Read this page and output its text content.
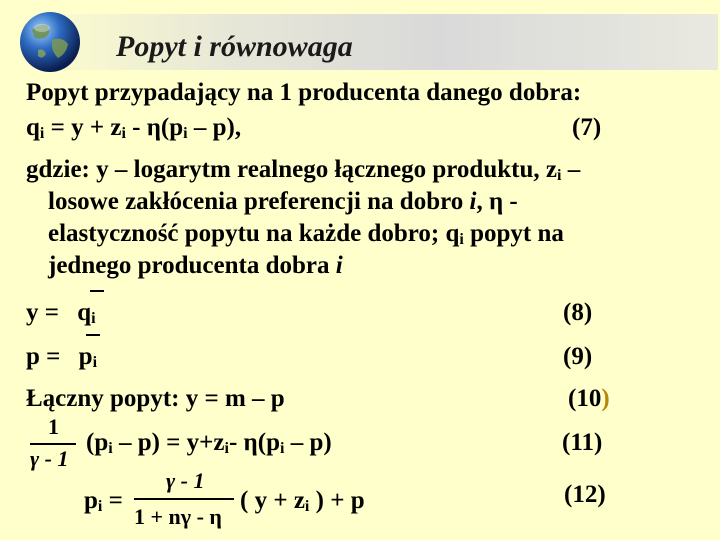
Popyt i równowaga
Popyt przypadający na 1 producenta danego dobra:
qi = y + zi - η(pi – p),	(7)
gdzie: y – logarytm realnego łącznego produktu, zi –
losowe zakłócenia preferencji na dobro i, η -
elastyczność popytu na każde dobro; qi popyt na
jednego producenta dobra i
y = qi	(8)
p = pi	(9)
Łączny popyt: y = m – p	(10)
1
γ - 1
(pi – p) = y+zi- η(pi – p)	(11)
pi =
γ - 1
1 + nγ - η
( y + zi ) + p	(12)
